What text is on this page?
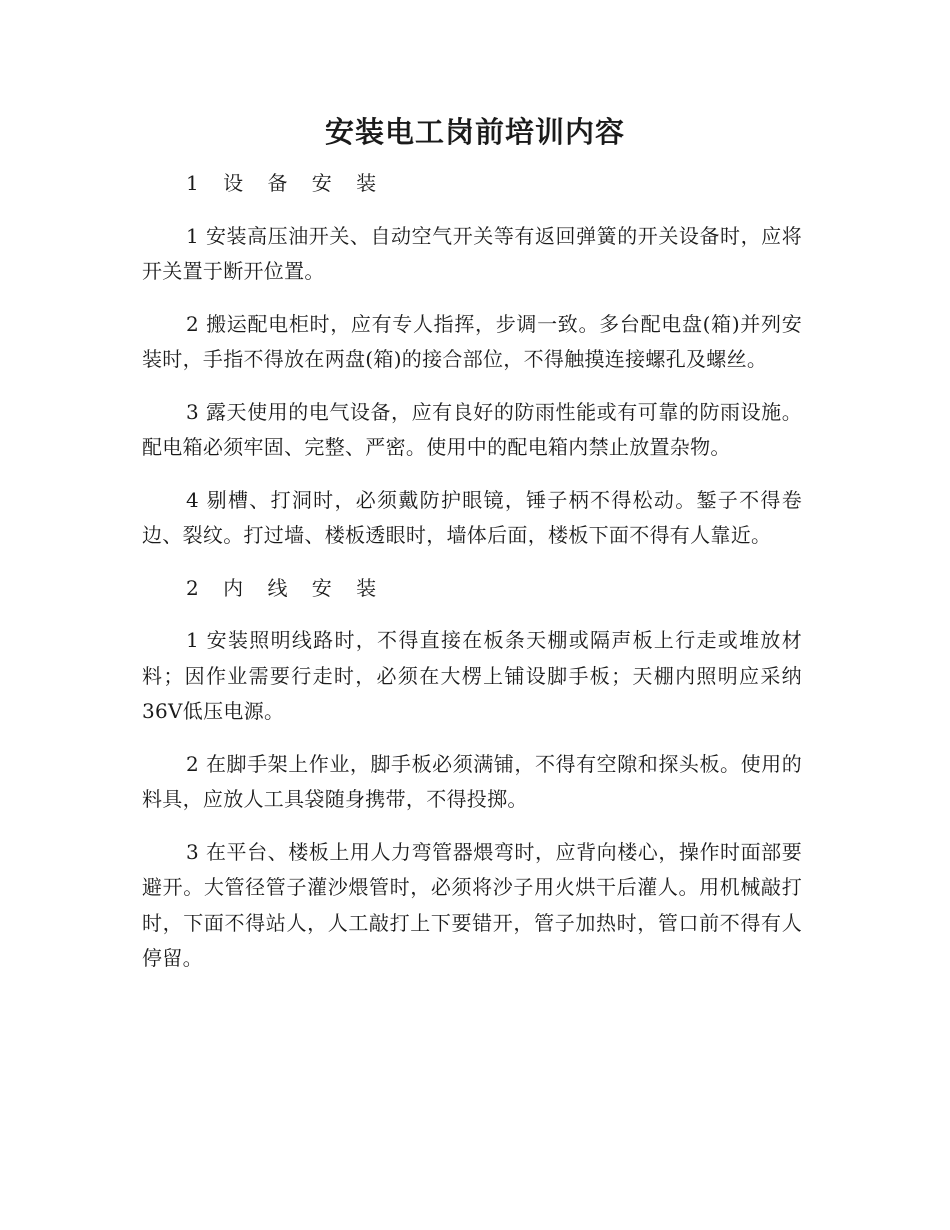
安装电工岗前培训内容

1 设 备 安 装

1 安装高压油开关、自动空气开关等有返回弹簧的开关设备时，应将开关置于断开位置。

2 搬运配电柜时，应有专人指挥，步调一致。多台配电盘(箱)并列安装时，手指不得放在两盘(箱)的接合部位，不得触摸连接螺孔及螺丝。

3 露天使用的电气设备，应有良好的防雨性能或有可靠的防雨设施。配电箱必须牢固、完整、严密。使用中的配电箱内禁止放置杂物。

4 剔槽、打洞时，必须戴防护眼镜，锤子柄不得松动。錾子不得卷边、裂纹。打过墙、楼板透眼时，墙体后面，楼板下面不得有人靠近。

2 内 线 安 装

1 安装照明线路时，不得直接在板条天棚或隔声板上行走或堆放材料；因作业需要行走时，必须在大楞上铺设脚手板；天棚内照明应采纳36V低压电源。

2 在脚手架上作业，脚手板必须满铺，不得有空隙和探头板。使用的料具，应放人工具袋随身携带，不得投掷。

3 在平台、楼板上用人力弯管器煨弯时，应背向楼心，操作时面部要避开。大管径管子灌沙煨管时，必须将沙子用火烘干后灌人。用机械敲打时，下面不得站人，人工敲打上下要错开，管子加热时，管口前不得有人停留。
